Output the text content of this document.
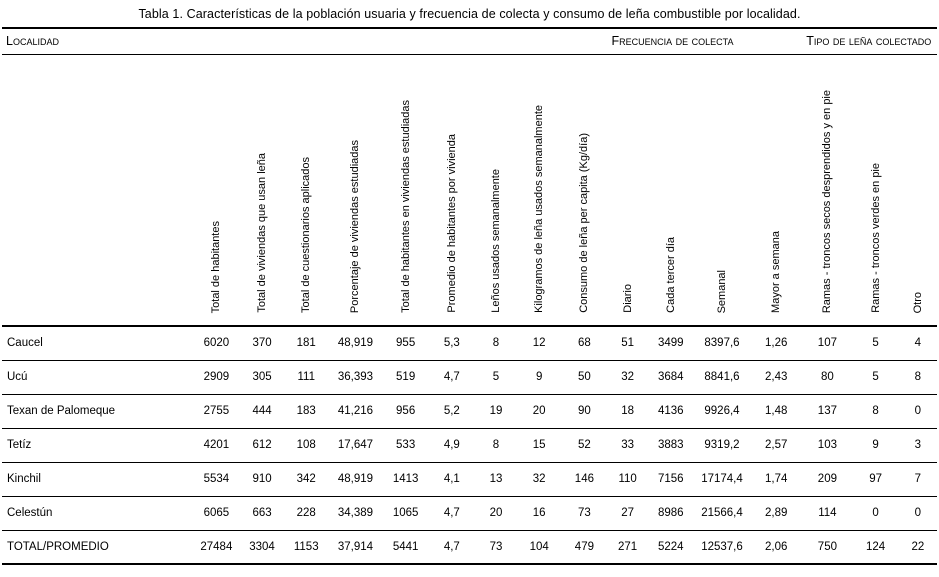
Tabla 1. Características de la población usuaria y frecuencia de colecta y consumo de leña combustible por localidad.
Localidad										Frecuencia de colecta				Tipo de leña colectado		
	Total de habitantes	Total de viviendas que usan leña	Total de cuestionarios aplicados	Porcentaje de viviendas estudiadas	Total de habitantes en viviendas estudiadas	Promedio de habitantes por vivienda	Leños usados semanalmente	Kilogramos de leña usados semanalmente	Consumo de leña per capita (Kg/día)	Diario	Cada tercer día	Semanal	Mayor a semana	Ramas - troncos secos desprendidos y en pie	Ramas - troncos verdes en pie	Otro
Caucel	6020	370	181	48,919	955	5,3	8	12	68	51	3499	8397,6	1,26	107	5	4
Ucú	2909	305	111	36,393	519	4,7	5	9	50	32	3684	8841,6	2,43	80	5	8
Texan de Palomeque	2755	444	183	41,216	956	5,2	19	20	90	18	4136	9926,4	1,48	137	8	0
Tetíz	4201	612	108	17,647	533	4,9	8	15	52	33	3883	9319,2	2,57	103	9	3
Kinchil	5534	910	342	48,919	1413	4,1	13	32	146	110	7156	17174,4	1,74	209	97	7
Celestún	6065	663	228	34,389	1065	4,7	20	16	73	27	8986	21566,4	2,89	114	0	0
TOTAL/PROMEDIO	27484	3304	1153	37,914	5441	4,7	73	104	479	271	5224	12537,6	2,06	750	124	22
